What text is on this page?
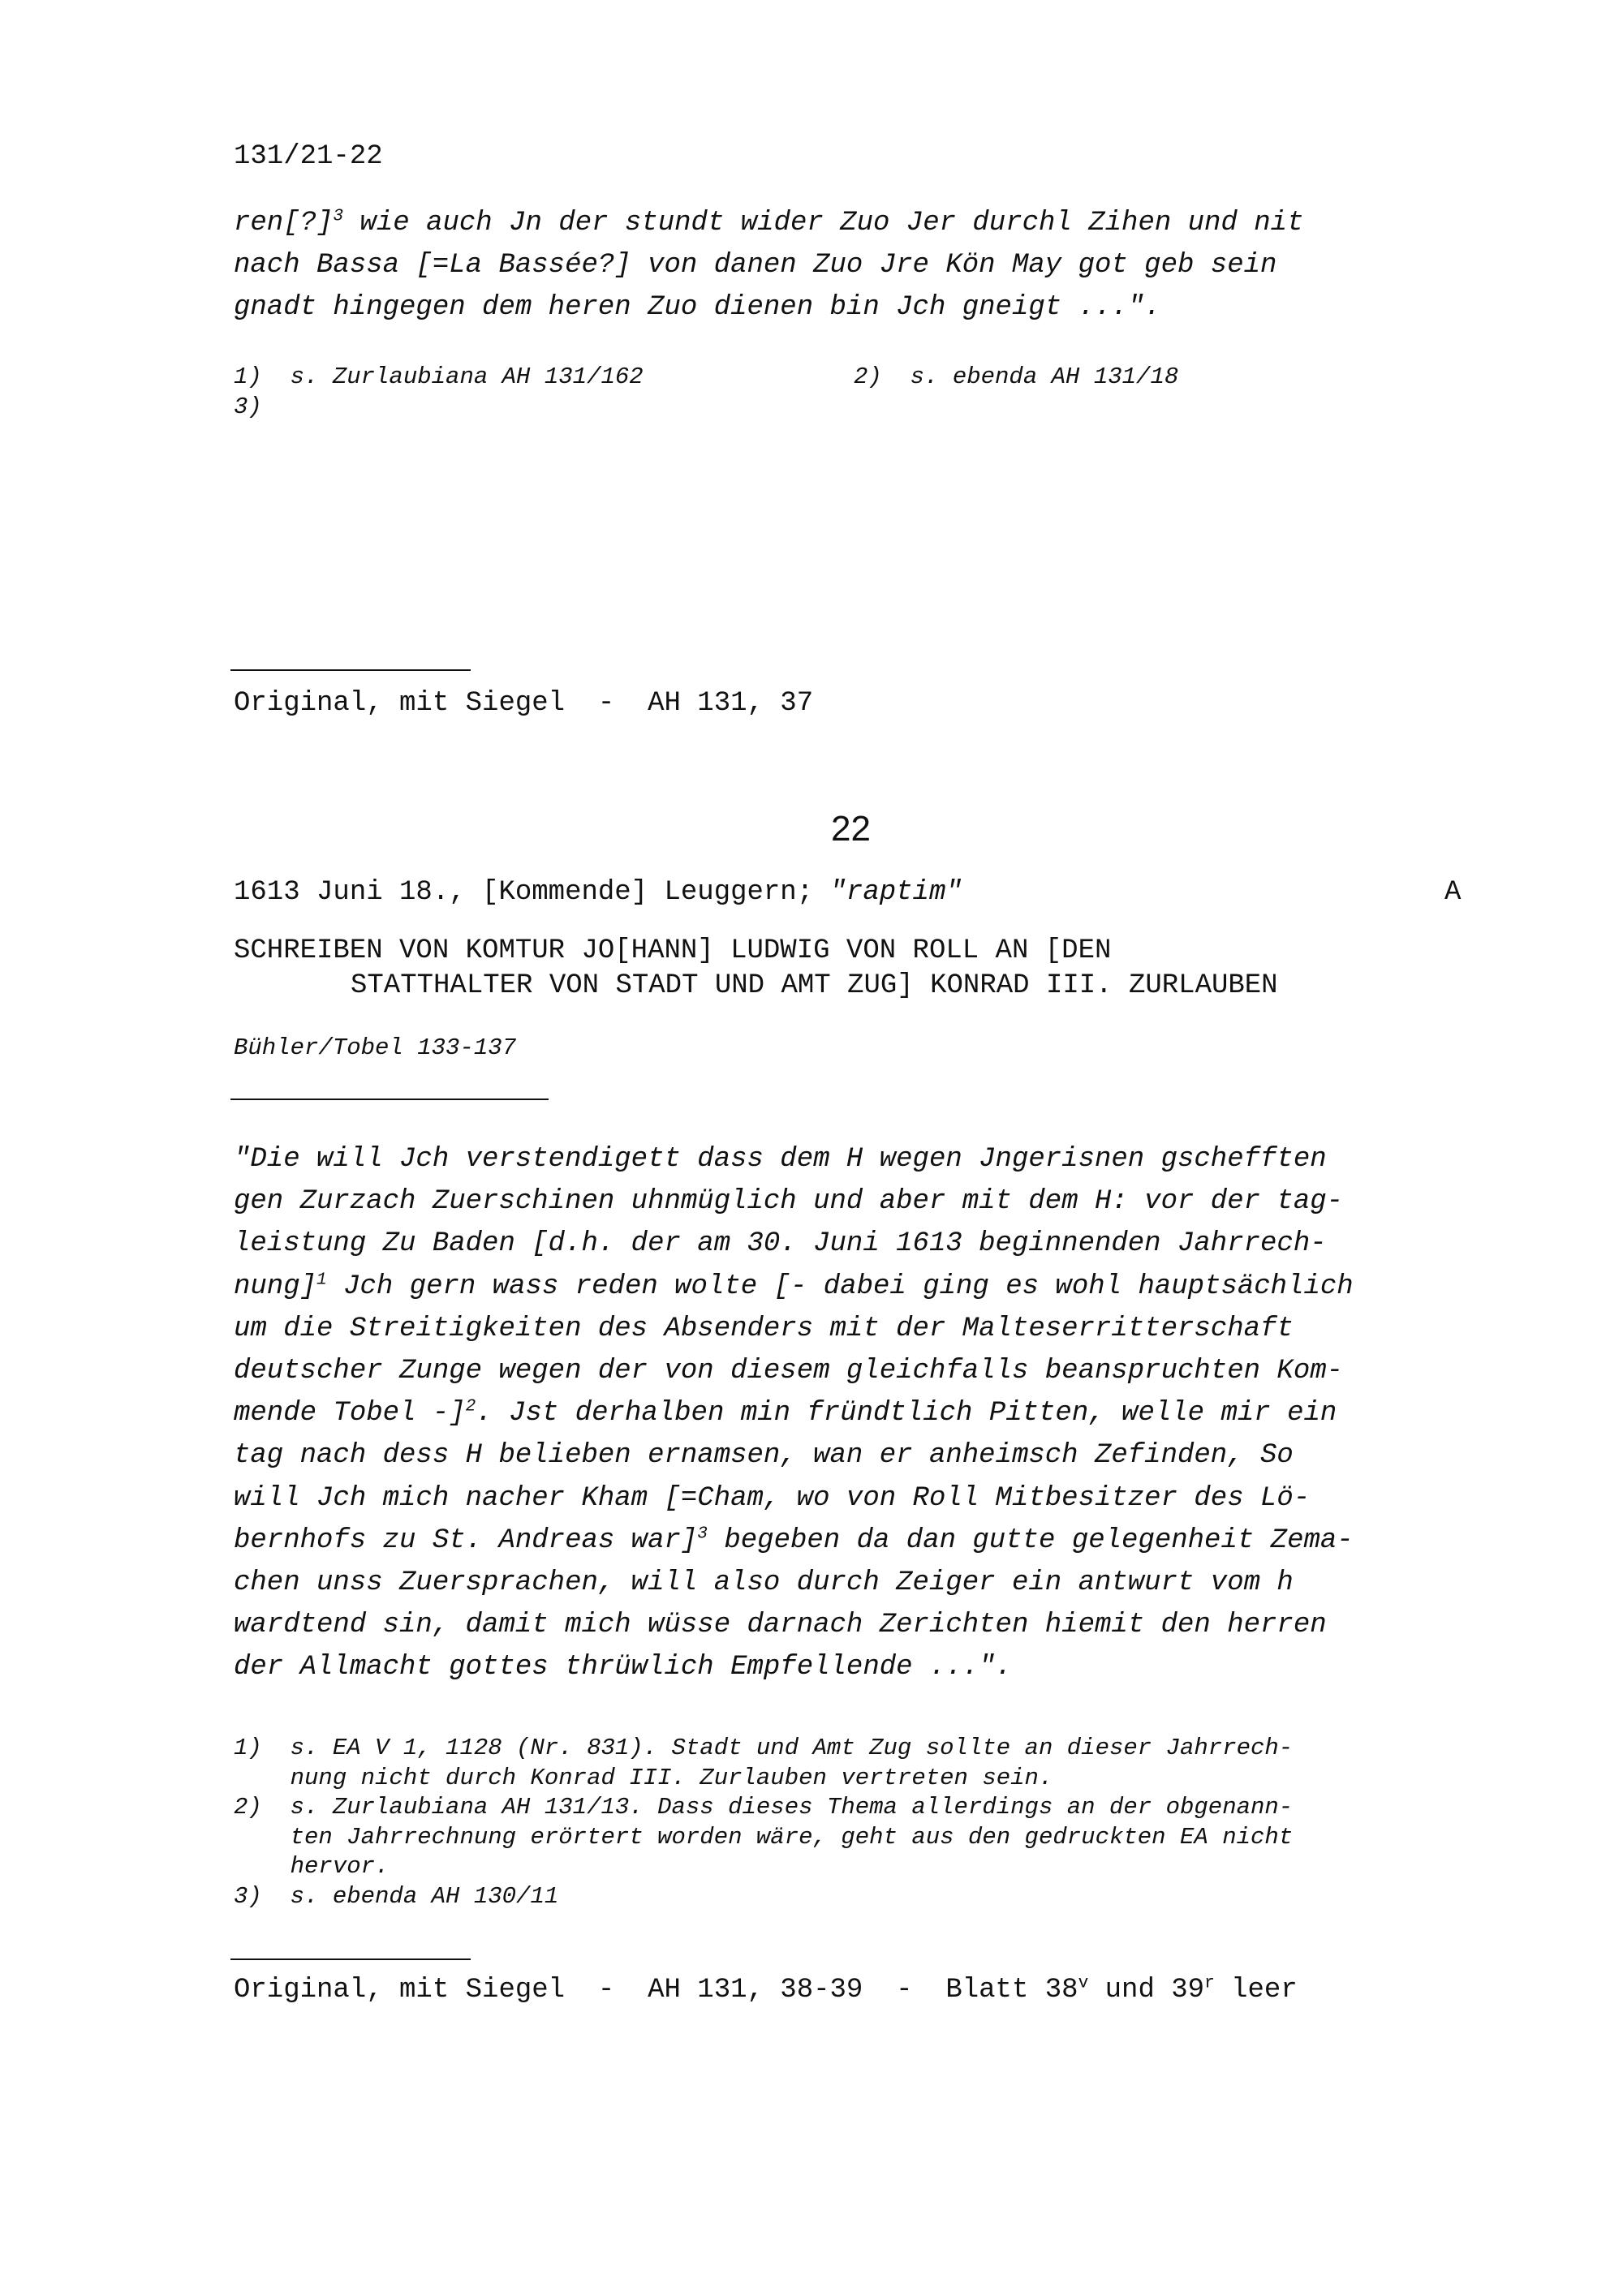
131/21-22
ren[?]$^3$ wie auch Jn der stundt wider Zuo Jer durchl Zihen und nit
nach Bassa [=La Bassée?] von danen Zuo Jre Kön May got geb sein
gnadt hingegen dem heren Zuo dienen bin Jch gneigt ...".
1)  s. Zurlaubiana AH 131/162	2)  s. ebenda AH 131/18
3)
Original, mit Siegel  -  AH 131, 37
22
1613 Juni 18., [Kommende] Leuggern; "raptim"	A
SCHREIBEN VON KOMTUR JO[HANN] LUDWIG VON ROLL AN [DEN
STATTHALTER VON STADT UND AMT ZUG] KONRAD III. ZURLAUBEN
Bühler/Tobel 133-137
"Die will Jch verstendigett dass dem H wegen Jngerisnen gschefften
gen Zurzach Zuerschinen uhnmüglich und aber mit dem H: vor der tag-
leistung Zu Baden [d.h. der am 30. Juni 1613 beginnenden Jahrrech-
nung]$^1$ Jch gern wass reden wolte [- dabei ging es wohl hauptsächlich
um die Streitigkeiten des Absenders mit der Malteserritterschaft
deutscher Zunge wegen der von diesem gleichfalls beanspruchten Kom-
mende Tobel -]$^2$. Jst derhalben min fründtlich Pitten, welle mir ein
tag nach dess H belieben ernamsen, wan er anheimsch Zefinden, So
will Jch mich nacher Kham [=Cham, wo von Roll Mitbesitzer des Lö-
bernhofs zu St. Andreas war]$^3$ begeben da dan gutte gelegenheit Zema-
chen unss Zuersprachen, will also durch Zeiger ein antwurt vom h
wardtend sin, damit mich wüsse darnach Zerichten hiemit den herren
der Allmacht gottes thrüwlich Empfellende ...".
1)  s. EA V 1, 1128 (Nr. 831). Stadt und Amt Zug sollte an dieser Jahrrech-
nung nicht durch Konrad III. Zurlauben vertreten sein.
2)  s. Zurlaubiana AH 131/13. Dass dieses Thema allerdings an der obgenann-
ten Jahrrechnung erörtert worden wäre, geht aus den gedruckten EA nicht
hervor.
3)  s. ebenda AH 130/11
Original, mit Siegel  -  AH 131, 38-39  -  Blatt 38$^v$ und 39$^r$ leer
